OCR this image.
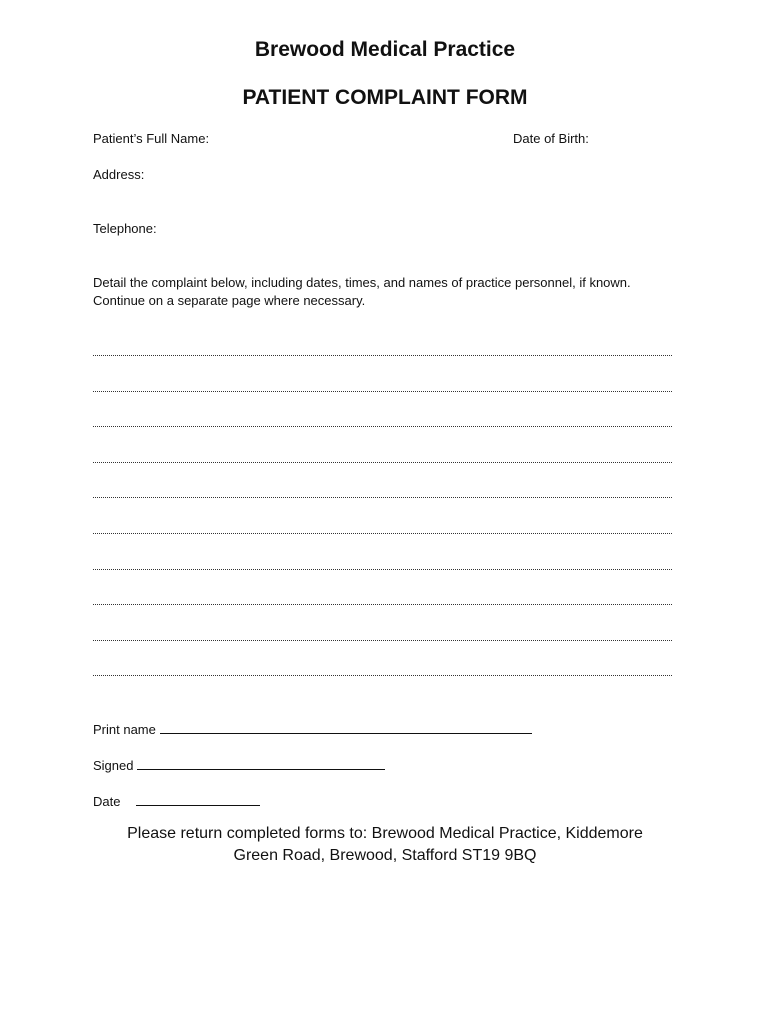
Brewood Medical Practice
PATIENT COMPLAINT FORM
Patient’s Full Name:	Date of Birth:
Address:
Telephone:
Detail the complaint below, including dates, times, and names of practice personnel, if known.
Continue on a separate page where necessary.
Print name
Signed
Date
Please return completed forms to: Brewood Medical Practice, Kiddemore Green Road, Brewood, Stafford ST19 9BQ
